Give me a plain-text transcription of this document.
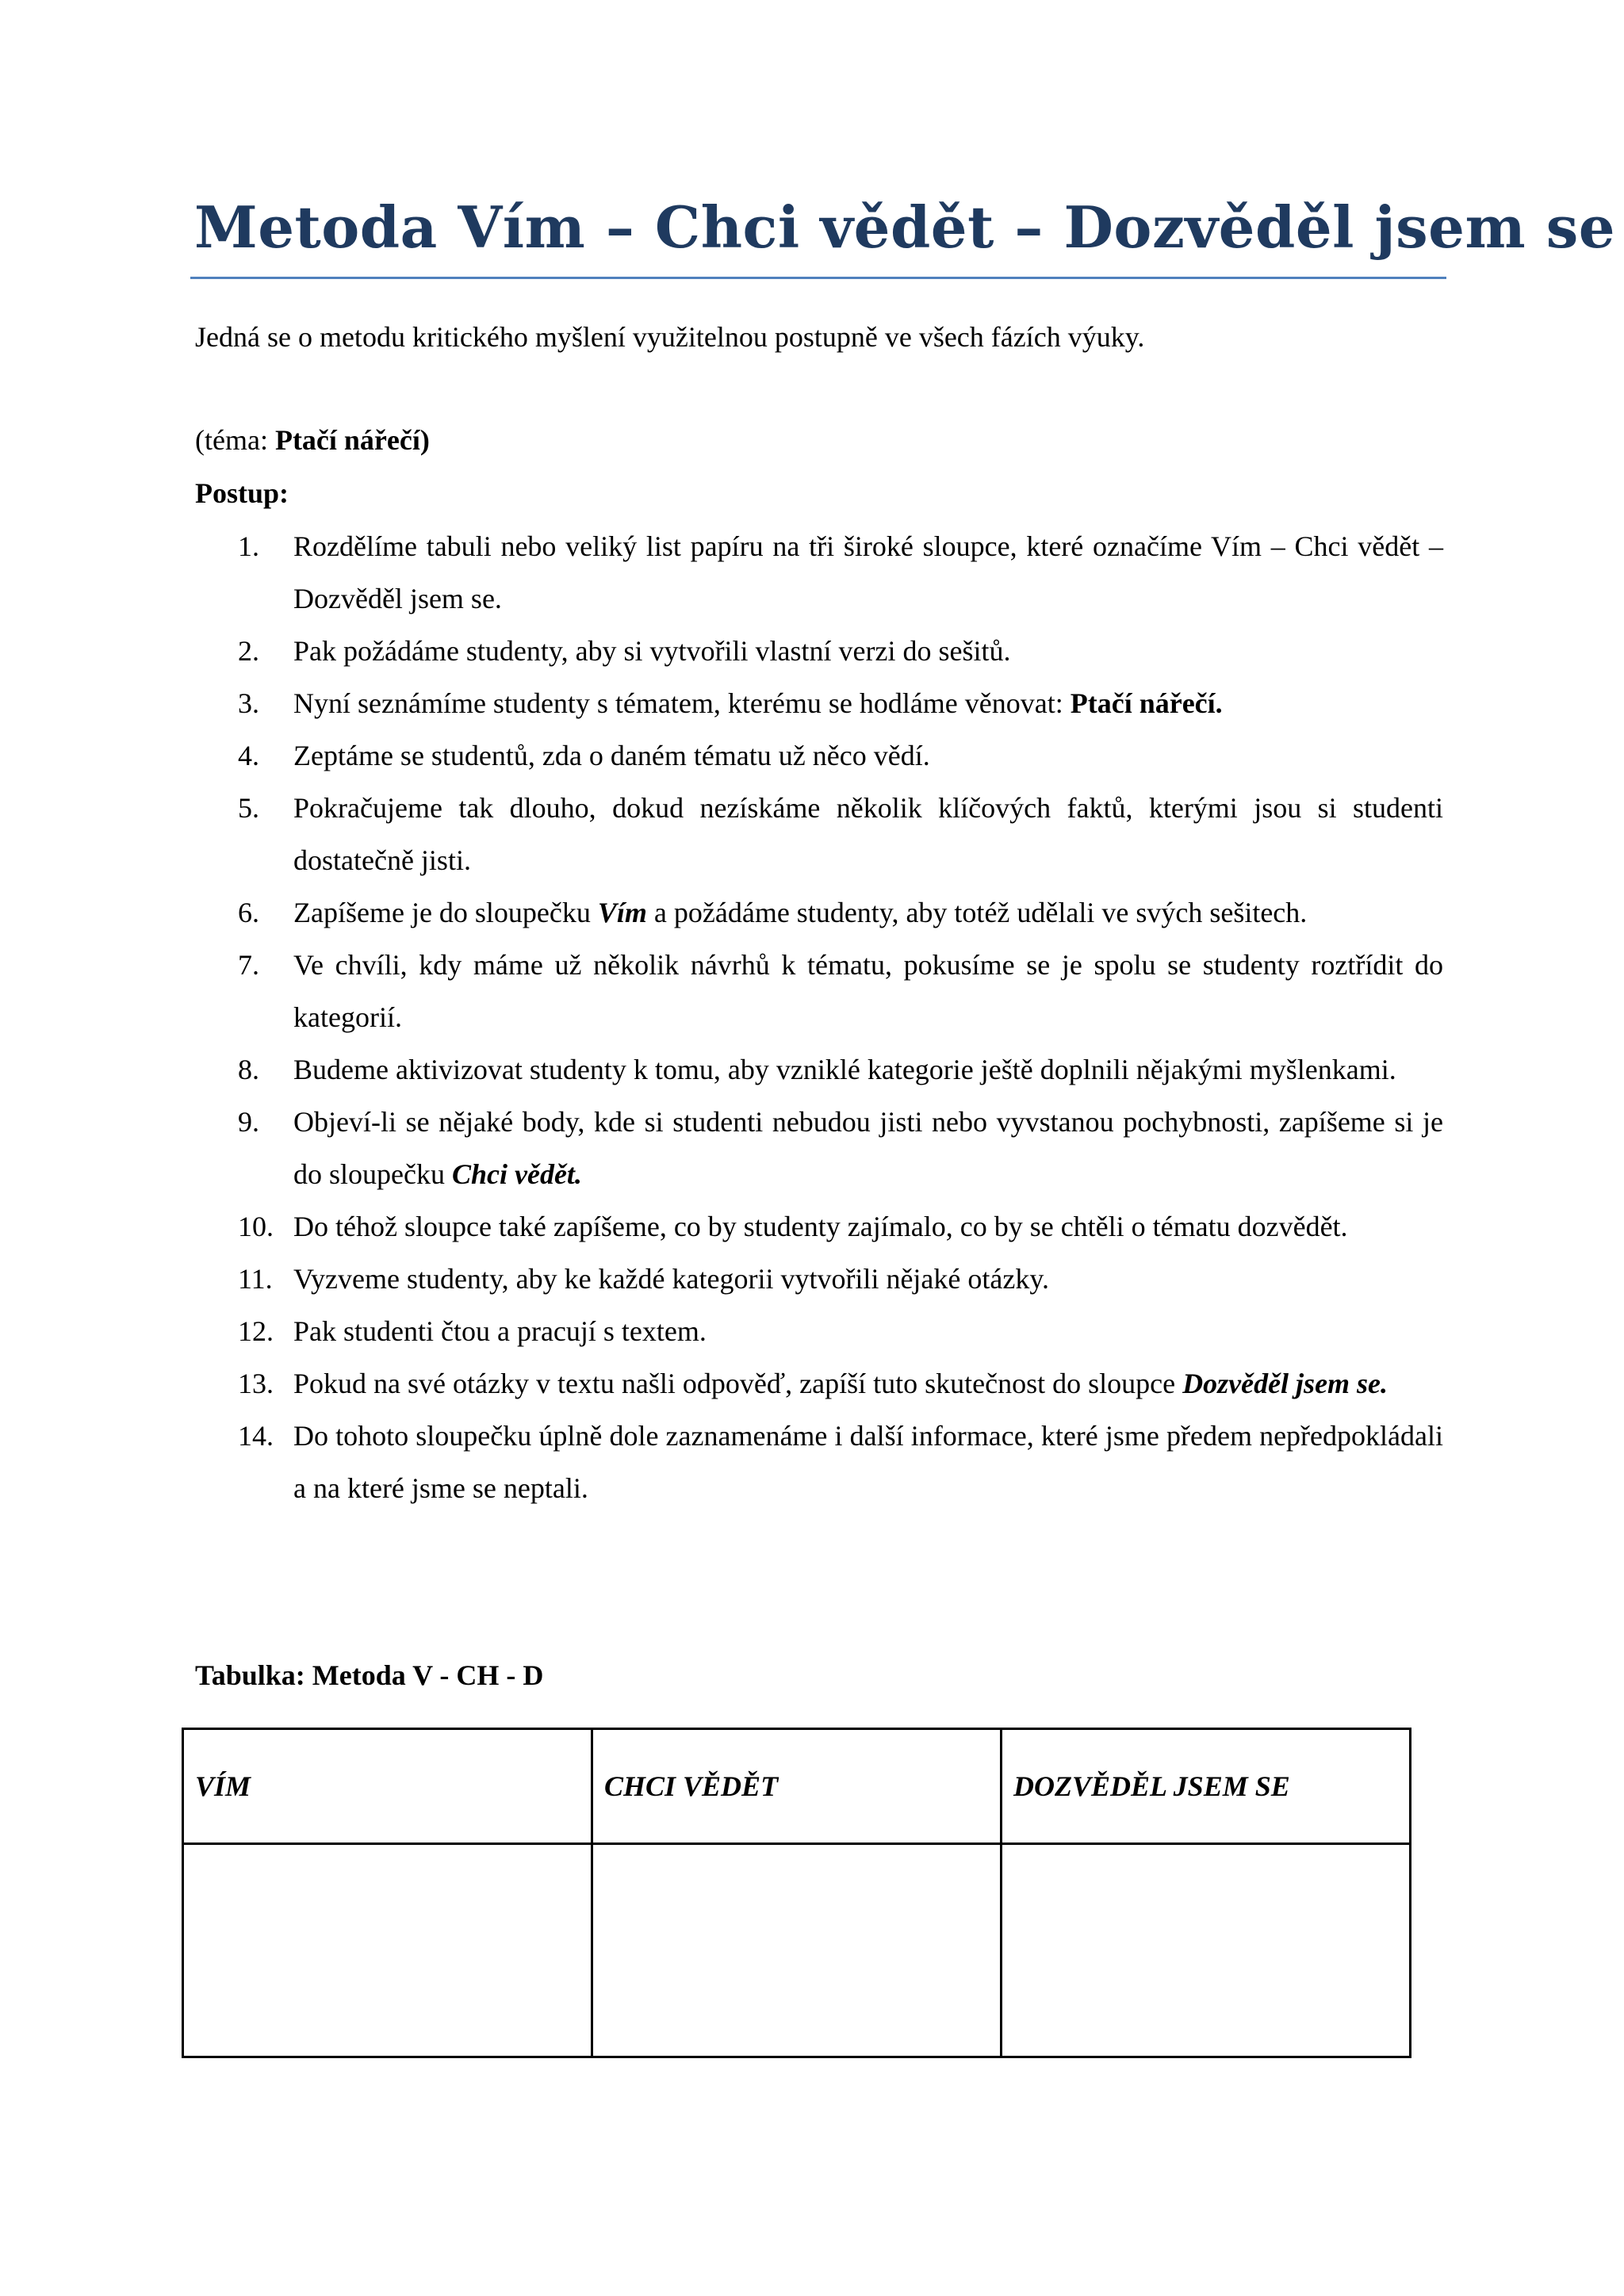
Metoda Vím – Chci vědět – Dozvěděl jsem se

Jedná se o metodu kritického myšlení využitelnou postupně ve všech fázích výuky.

(téma: Ptačí nářečí)

Postup:

1.	Rozdělíme tabuli nebo veliký list papíru na tři široké sloupce, které označíme Vím – Chci vědět – Dozvěděl jsem se.
2.	Pak požádáme studenty, aby si vytvořili vlastní verzi do sešitů.
3.	Nyní seznámíme studenty s tématem, kterému se hodláme věnovat: Ptačí nářečí.
4.	Zeptáme se studentů, zda o daném tématu už něco vědí.
5.	Pokračujeme tak dlouho, dokud nezískáme několik klíčových faktů, kterými jsou si studenti dostatečně jisti.
6.	Zapíšeme je do sloupečku Vím a požádáme studenty, aby totéž udělali ve svých sešitech.
7.	Ve chvíli, kdy máme už několik návrhů k tématu, pokusíme se je spolu se studenty roztřídit do kategorií.
8.	Budeme aktivizovat studenty k tomu, aby vzniklé kategorie ještě doplnili nějakými myšlenkami.
9.	Objeví-li se nějaké body, kde si studenti nebudou jisti nebo vyvstanou pochybnosti, zapíšeme si je do sloupečku Chci vědět.
10. Do téhož sloupce také zapíšeme, co by studenty zajímalo, co by se chtěli o tématu dozvědět.
11. Vyzveme studenty, aby ke každé kategorii vytvořili nějaké otázky.
12. Pak studenti čtou a pracují s textem.
13. Pokud na své otázky v textu našli odpověď, zapíší tuto skutečnost do sloupce Dozvěděl jsem se.
14. Do tohoto sloupečku úplně dole zaznamenáme i další informace, které jsme předem nepředpokládali a na které jsme se neptali.

Tabulka: Metoda V - CH - D

VÍM	CHCI VĚDĚT	DOZVĚDĚL JSEM SE
